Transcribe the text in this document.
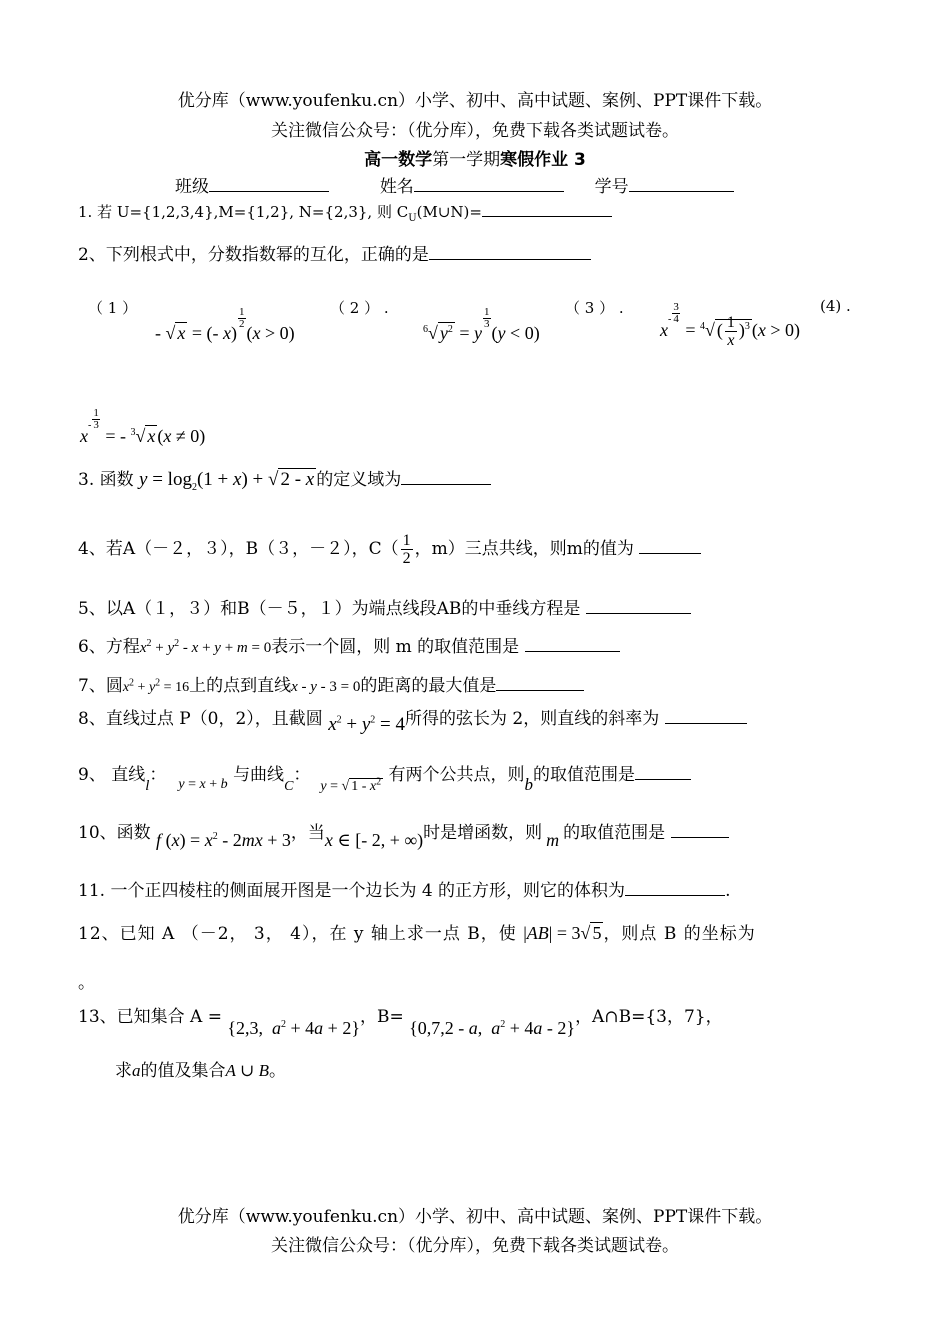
优分库（www.youfenku.cn）小学、初中、高中试题、案例、PPT课件下载。
关注微信公众号：（优分库），免费下载各类试题试卷。
高一数学第一学期寒假作业 3
班级	姓名	学号
1. 若 U={1,2,3,4},M={1,2}, N={2,3}, 则 $C_U(M\cup N)=$
2、下列根式中，分数指数幂的互化，正确的是
（ 1 ）
- √ x = (- x)
$\frac{1}{2}$
(x > 0)
（ 2 ） .
$^6$√ $y^2 = y$
$\frac{1}{3}$
(y < 0)
（ 3 ） .
$x^- \frac{3}{4}$
= $^4$√ ( $\frac{1}{x} )^3$ (x > 0)
(4) .
$x^- \frac{1}{3}$
= - $^3$√ x (x ≠ 0)
3. 函数 $y = \log_2(1 + x)$ + √ 2 - x 的定义域为
4、若A（－２，３），B（３，－２），$C( \frac{1}{2}$ ，m）三点共线，则m的值为
5、以A（１，３）和B（－５，１）为端点线段AB的中垂线方程是
6、方程$x^2 + y^2 - x + y + m = 0$表示一个圆，则 m 的取值范围是
7、圆$x^2 + y^2 = 16$上的点到直线x - y - 3 = 0的距离的最大值是
8、直线过点 P（0，2），且截圆 $x^2 + y^2 = 4$所得的弦长为 2，则直线的斜率为
9、 直线l： $_{y = x + b}$ 与曲线$_C$：$_{y = √ 1 - x^2}$ 有两个公共点，则b的取值范围是
10、函数 f $(x) = x^2 - 2mx + 3$，当x ∈ [- 2, + ∞)时是增函数，则 m 的取值范围是
11. 一个正四棱柱的侧面展开图是一个边长为 4 的正方形，则它的体积为	.
12、已知 A （－2， 3， 4），在 y 轴上求一点 B，使 |AB| = 3√ 5 ，则点 B 的坐标为
。
13、已知集合 A = {2,3,  $a^2 + 4a + 2$}，B= {0,7,2 - a,  $a^2 + 4a - 2$}，A∩B={3，7}，
求a的值及集合A ∪ B。
优分库（www.youfenku.cn）小学、初中、高中试题、案例、PPT课件下载。
关注微信公众号：（优分库），免费下载各类试题试卷。
